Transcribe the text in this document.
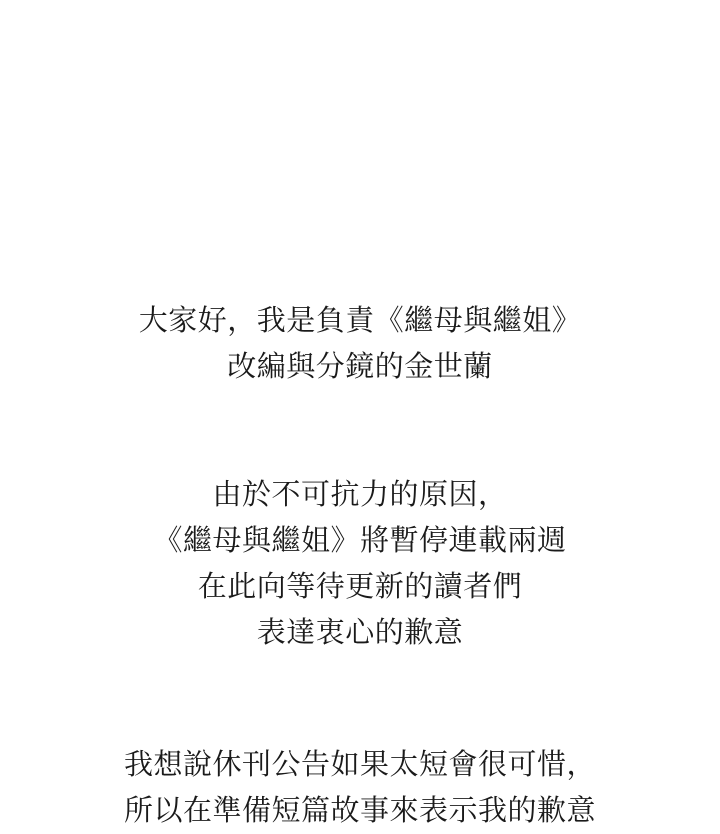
大家好，我是負責《繼母與繼姐》
改編與分鏡的金世蘭
由於不可抗力的原因，
《繼母與繼姐》將暫停連載兩週
在此向等待更新的讀者們
表達衷心的歉意
我想說休刊公告如果太短會很可惜，
所以在準備短篇故事來表示我的歉意
